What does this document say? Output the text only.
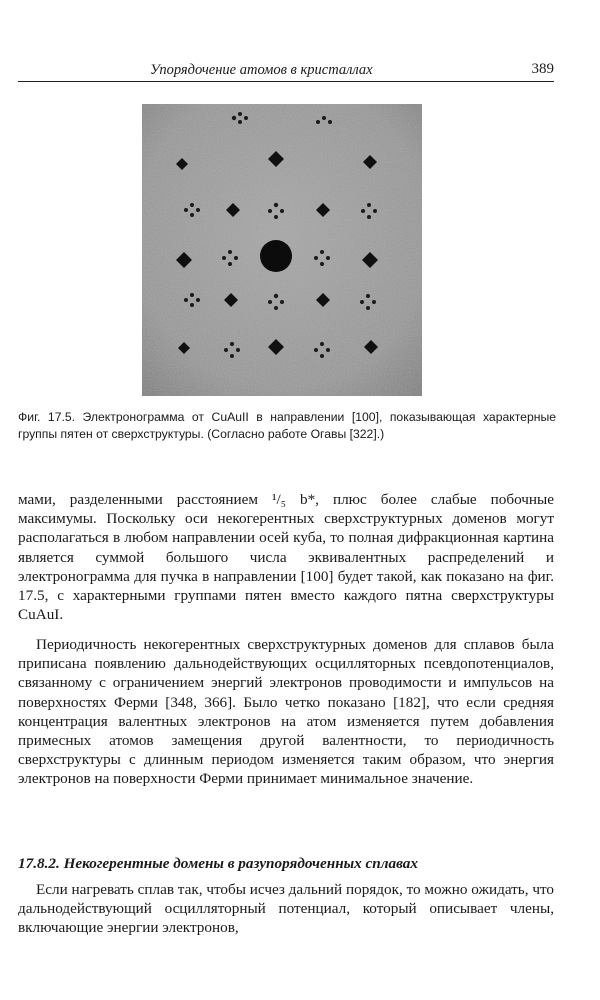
Упорядочение атомов в кристаллах	389
Фиг. 17.5. Электронограмма от CuAuII в направлении [100], показывающая характерные группы пятен от сверхструктуры. (Согласно работе Огавы [322].)

мами, разделенными расстоянием ¹/₅ b*, плюс более слабые побочные максимумы. Поскольку оси некогерентных сверхструктурных доменов могут располагаться в любом направлении осей куба, то полная дифракционная картина является суммой большого числа эквивалентных распределений и электронограмма для пучка в направлении [100] будет такой, как показано на фиг. 17.5, с характерными группами пятен вместо каждого пятна сверхструктуры CuAuI.

Периодичность некогерентных сверхструктурных доменов для сплавов была приписана появлению дальнодействующих осцилляторных псевдопотенциалов, связанному с ограничением энергий электронов проводимости и импульсов на поверхностях Ферми [348, 366]. Было четко показано [182], что если средняя концентрация валентных электронов на атом изменяется путем добавления примесных атомов замещения другой валентности, то периодичность сверхструктуры с длинным периодом изменяется таким образом, что энергия электронов на поверхности Ферми принимает минимальное значение.

17.8.2. Некогерентные домены в разупорядоченных сплавах

Если нагревать сплав так, чтобы исчез дальний порядок, то можно ожидать, что дальнодействующий осцилляторный потенциал, который описывает члены, включающие энергии электронов,
